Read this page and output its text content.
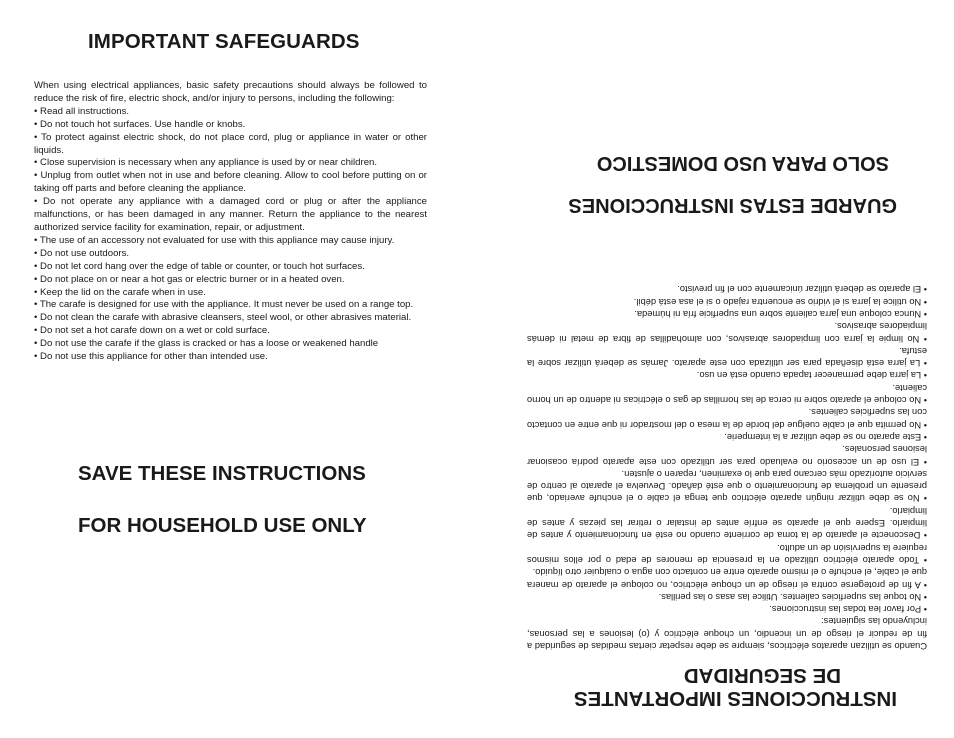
IMPORTANT SAFEGUARDS

When using electrical appliances, basic safety precautions should always be followed to reduce the risk of fire, electric shock, and/or injury to persons, including the following:

• Read all instructions.

• Do not touch hot surfaces. Use handle or knobs.

• To protect against electric shock, do not place cord, plug or appliance in water or other liquids.

• Close supervision is necessary when any appliance is used by or near children.

• Unplug from outlet when not in use and before cleaning. Allow to cool before putting on or taking off parts and before cleaning the appliance.

• Do not operate any appliance with a damaged cord or plug or after the appliance malfunctions, or has been damaged in any manner. Return the appliance to the nearest authorized service facility for examination, repair, or adjustment.

• The use of an accessory not evaluated for use with this appliance may cause injury.

• Do not use outdoors.

• Do not let cord hang over the edge of table or counter, or touch hot surfaces.

• Do not place on or near a hot gas or electric burner or in a heated oven.

• Keep the lid on the carafe when in use.

• The carafe is designed for use with the appliance. It must never be used on a range top.

• Do not clean the carafe with abrasive cleansers, steel wool, or other abrasives material.

• Do not set a hot carafe down on a wet or cold surface.

• Do not use the carafe if the glass is cracked or has a loose or weakened handle

• Do not use this appliance for other than intended use.

SAVE THESE INSTRUCTIONS
FOR HOUSEHOLD USE ONLY
INSTRUCCIONES IMPORTANTES
DE SEGURIDAD

Cuando se utilizan aparatos eléctricos, siempre se debe respetar ciertas medidas de seguridad a fin de reducir el riesgo de un incendio, un choque eléctrico y (o) lesiones a las personas, incluyendo las siguientes:

• Por favor lea todas las instrucciones.

• No toque las superficies calientes. Utilice las asas o las perillas.

• A fin de protegerse contra el riesgo de un choque eléctrico, no coloque el aparato de manera que el cable, el enchufe o el mismo aparato entre en contacto con agua o cualquier otro líquido.

• Todo aparato eléctrico utilizado en la presencia de menores de edad o por ellos mismos requiere la supervisión de un adulto.

• Desconecte el aparato de la toma de corriente cuando no esté en funcionamiento y antes de limpiarlo. Espere que el aparato se enfríe antes de instalar o retirar las piezas y antes de limpiarlo.

• No se debe utilizar ningún aparato eléctrico que tenga el cable o el enchufe averiado, que presente un problema de funcionamiento o que esté dañado. Devuelva el aparato al centro de servicio autorizado más cercano para que lo examinen, reparen o ajusten.

• El uso de un accesorio no evaluado para ser utilizado con este aparato podría ocasionar lesiones personales.

• Este aparato no se debe utilizar a la intemperie.

• No permita que el cable cuelgue del borde de la mesa o del mostrador ni que entre en contacto con las superficies calientes.

• No coloque el aparato sobre ni cerca de las hornillas de gas o eléctricas ni adentro de un horno caliente.

• La jarra debe permanecer tapada cuando está en uso.

• La jarra está diseñada para ser utilizada con este aparato. Jamás se deberá utilizar sobre la estufa.

• No limpie la jarra con limpiadores abrasivos, con almohadillas de fibra de metal ni demás limpiadores abrasivos.

• Nunca coloque una jarra caliente sobre una superficie fría ni húmeda.

• No utilice la jarra si el vidrio se encuentra rajado o si el asa está débil.

• El aparato se deberá utilizar únicamente con el fin previsto.

GUARDE ESTAS INSTRUCCIONES
SOLO PARA USO DOMESTICO
